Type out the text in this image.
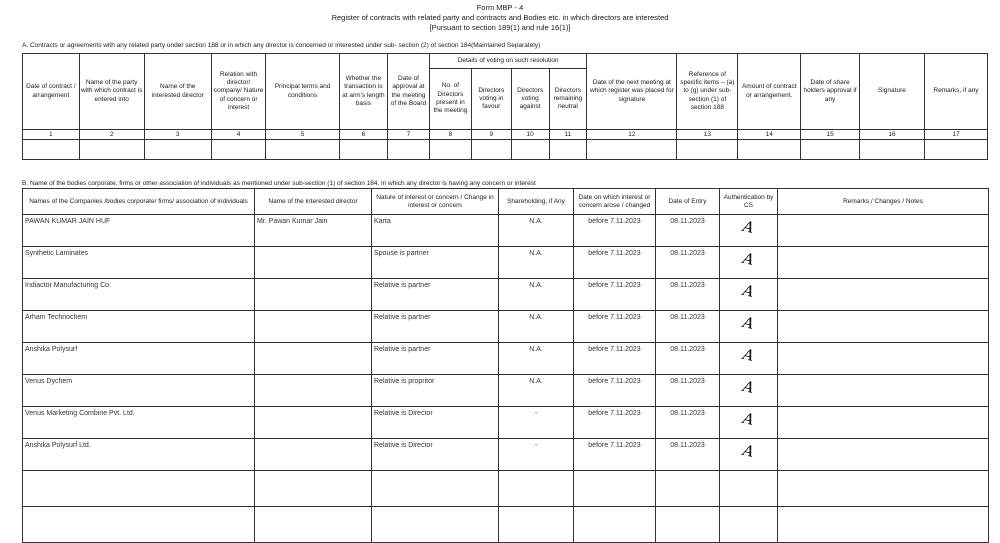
Form MBP - 4
Register of contracts with related party and contracts and Bodies etc. in which directors are interested
[Pursuant to section 189(1) and rule 16(1)]
A. Contracts or agreements with any related party under section 188 or in which any director is concerned or interested under sub- section (2) of section 184(Maintained Separately)
Date of contract / arrangement	Name of the party with which contract is entered into	Name of the interested director	Relation with director/ company/ Nature of concern or interest	Principal terms and conditions	Whether the transaction is at arm's length basis	Date of approval at the meeting of the Board	Details of voting on such resolution				Date of the next meeting at which register was placed for signature	Reference of specific items – (a) to (g) under sub-section (1) of section 188	Amount of contract or arrangement.	Date of share holders approval if any	Signature	Remarks, if any
							No. of Directors present in the meeting	Directors voting in favour	Directors voting against	Directors remaining neutral						
1	2	3	4	5	6	7	8	9	10	11	12	13	14	15	16	17

B. Name of the bodies corporate, firms or other association of individuals as mentioned under sub-section (1) of section 184, in which any director is having any concern or interest
Names of the Companies /bodies corporate/ firms/ association of individuals	Name of the interested director	Nature of interest or concern / Change in interest or concern	Shareholding, if Any	Date on which interest or concern arose / changed	Date of Entry	Authentication by CS	Remarks / Changes / Notes
PAWAN KUMAR JAIN HUF	Mr. Pawan Kumar Jain	Karta	N.A.	before 7.11.2023	08.11.2023	A	
Synthetic Laminates		Spouse is partner	N.A.	before 7.11.2023	08.11.2023	A	
Indiactor Manufacturing Co.		Relative is partner	N.A.	before 7.11.2023	08.11.2023	A	
Arham Technochem		Relative is partner	N.A.	before 7.11.2023	08.11.2023	A	
Anshika Polysurf		Relative is partner	N.A.	before 7.11.2023	08.11.2023	A	
Venus Dychem		Relative is propritor	N.A.	before 7.11.2023	08.11.2023	A	
Venus Marketing Combine Pvt. Ltd.		Relative is Director	-	before 7.11.2023	08.11.2023	A	
Anshika Polysurf Ltd.		Relative is Director	-	before 7.11.2023	08.11.2023	A	
